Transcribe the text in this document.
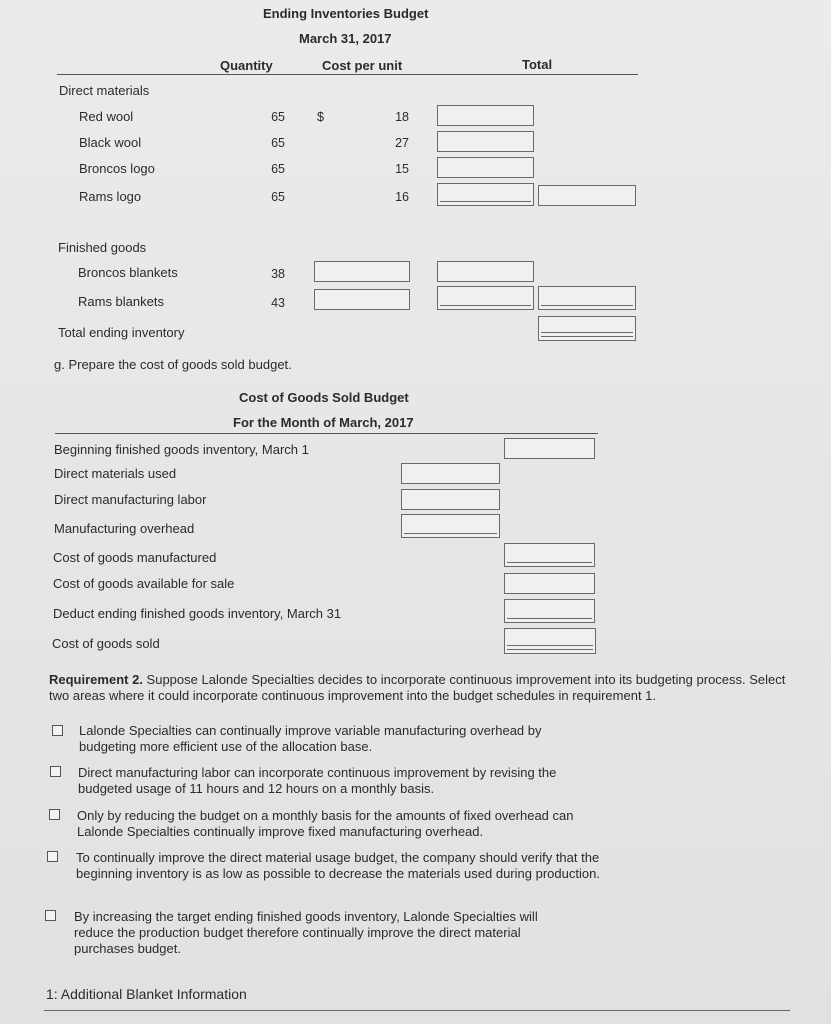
Ending Inventories Budget
March 31, 2017
Quantity	Cost per unit	Total
Direct materials
Red wool	65	$	18
Black wool	65	27
Broncos logo	65	15
Rams logo	65	16
Finished goods
Broncos blankets	38
Rams blankets	43
Total ending inventory
g. Prepare the cost of goods sold budget.
Cost of Goods Sold Budget
For the Month of March, 2017
Beginning finished goods inventory, March 1
Direct materials used
Direct manufacturing labor
Manufacturing overhead
Cost of goods manufactured
Cost of goods available for sale
Deduct ending finished goods inventory, March 31
Cost of goods sold
Requirement 2. Suppose Lalonde Specialties decides to incorporate continuous improvement into its budgeting process. Select two areas where it could incorporate continuous improvement into the budget schedules in requirement 1.
Lalonde Specialties can continually improve variable manufacturing overhead by budgeting more efficient use of the allocation base.
Direct manufacturing labor can incorporate continuous improvement by revising the budgeted usage of 11 hours and 12 hours on a monthly basis.
Only by reducing the budget on a monthly basis for the amounts of fixed overhead can Lalonde Specialties continually improve fixed manufacturing overhead.
To continually improve the direct material usage budget, the company should verify that the beginning inventory is as low as possible to decrease the materials used during production.
By increasing the target ending finished goods inventory, Lalonde Specialties will reduce the production budget therefore continually improve the direct material purchases budget.
1: Additional Blanket Information
